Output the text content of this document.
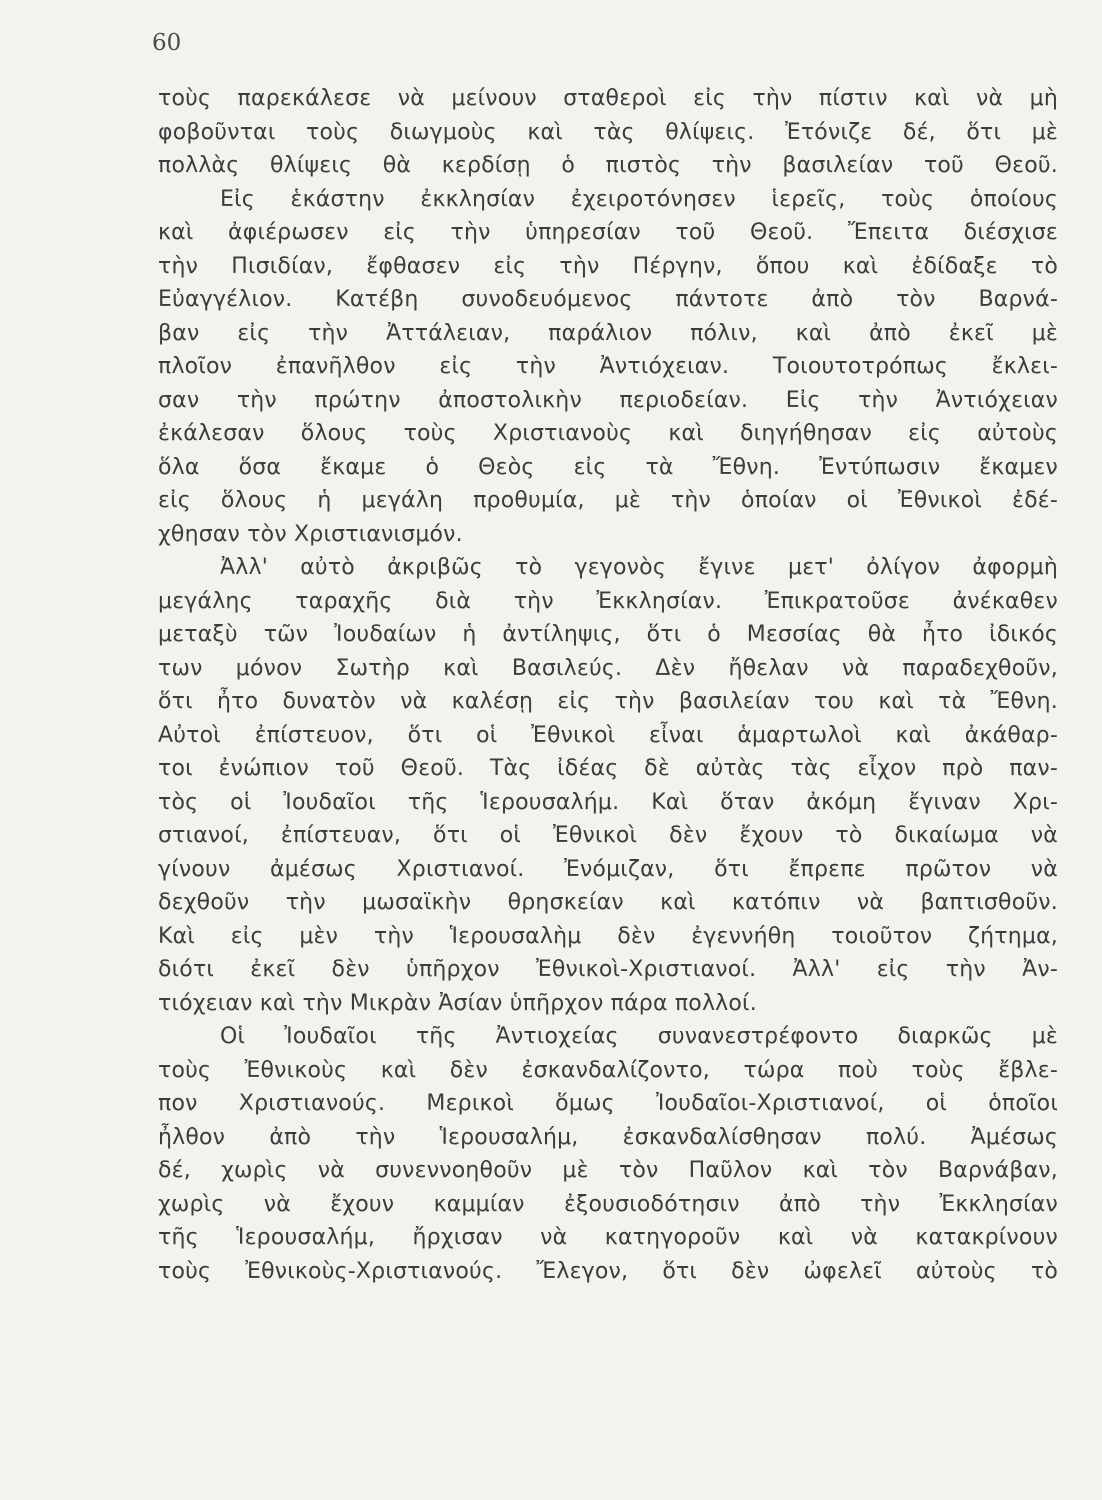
60
τοὺς παρεκάλεσε νὰ μείνουν σταθεροὶ εἰς τὴν πίστιν καὶ νὰ μὴ
φοβοῦνται τοὺς διωγμοὺς καὶ τὰς θλίψεις. Ἐτόνιζε δέ, ὅτι μὲ
πολλὰς θλίψεις θὰ κερδίσῃ ὁ πιστὸς τὴν βασιλείαν τοῦ Θεοῦ.
Εἰς ἑκάστην ἐκκλησίαν ἐχειροτόνησεν ἱερεῖς, τοὺς ὁποίους
καὶ ἀφιέρωσεν εἰς τὴν ὑπηρεσίαν τοῦ Θεοῦ. Ἔπειτα διέσχισε
τὴν Πισιδίαν, ἔφθασεν εἰς τὴν Πέργην, ὅπου καὶ ἐδίδαξε τὸ
Εὐαγγέλιον. Κατέβη συνοδευόμενος πάντοτε ἀπὸ τὸν Βαρνά-
βαν εἰς τὴν Ἀττάλειαν, παράλιον πόλιν, καὶ ἀπὸ ἐκεῖ μὲ
πλοῖον ἐπανῆλθον εἰς τὴν Ἀντιόχειαν. Τοιουτοτρόπως ἔκλει-
σαν τὴν πρώτην ἀποστολικὴν περιοδείαν. Εἰς τὴν Ἀντιόχειαν
ἐκάλεσαν ὅλους τοὺς Χριστιανοὺς καὶ διηγήθησαν εἰς αὐτοὺς
ὅλα ὅσα ἔκαμε ὁ Θεὸς εἰς τὰ Ἔθνη. Ἐντύπωσιν ἔκαμεν
εἰς ὅλους ἡ μεγάλη προθυμία, μὲ τὴν ὁποίαν οἱ Ἐθνικοὶ ἐδέ-
χθησαν τὸν Χριστιανισμόν.
Ἀλλ' αὐτὸ ἀκριβῶς τὸ γεγονὸς ἔγινε μετ' ὀλίγον ἀφορμὴ
μεγάλης ταραχῆς διὰ τὴν Ἐκκλησίαν. Ἐπικρατοῦσε ἀνέκαθεν
μεταξὺ τῶν Ἰουδαίων ἡ ἀντίληψις, ὅτι ὁ Μεσσίας θὰ ἦτο ἰδικός
των μόνον Σωτὴρ καὶ Βασιλεύς. Δὲν ἤθελαν νὰ παραδεχθοῦν,
ὅτι ἦτο δυνατὸν νὰ καλέσῃ εἰς τὴν βασιλείαν του καὶ τὰ Ἔθνη.
Αὐτοὶ ἐπίστευον, ὅτι οἱ Ἐθνικοὶ εἶναι ἁμαρτωλοὶ καὶ ἀκάθαρ-
τοι ἐνώπιον τοῦ Θεοῦ. Τὰς ἰδέας δὲ αὐτὰς τὰς εἶχον πρὸ παν-
τὸς οἱ Ἰουδαῖοι τῆς Ἱερουσαλήμ. Καὶ ὅταν ἀκόμη ἔγιναν Χρι-
στιανοί, ἐπίστευαν, ὅτι οἱ Ἐθνικοὶ δὲν ἔχουν τὸ δικαίωμα νὰ
γίνουν ἀμέσως Χριστιανοί. Ἐνόμιζαν, ὅτι ἔπρεπε πρῶτον νὰ
δεχθοῦν τὴν μωσαϊκὴν θρησκείαν καὶ κατόπιν νὰ βαπτισθοῦν.
Καὶ εἰς μὲν τὴν Ἱερουσαλὴμ δὲν ἐγεννήθη τοιοῦτον ζήτημα,
διότι ἐκεῖ δὲν ὑπῆρχον Ἐθνικοὶ-Χριστιανοί. Ἀλλ' εἰς τὴν Ἀν-
τιόχειαν καὶ τὴν Μικρὰν Ἀσίαν ὑπῆρχον πάρα πολλοί.
Οἱ Ἰουδαῖοι τῆς Ἀντιοχείας συνανεστρέφοντο διαρκῶς μὲ
τοὺς Ἐθνικοὺς καὶ δὲν ἐσκανδαλίζοντο, τώρα ποὺ τοὺς ἔβλε-
πον Χριστιανούς. Μερικοὶ ὅμως Ἰουδαῖοι-Χριστιανοί, οἱ ὁποῖοι
ἦλθον ἀπὸ τὴν Ἱερουσαλήμ, ἐσκανδαλίσθησαν πολύ. Ἀμέσως
δέ, χωρὶς νὰ συνεννοηθοῦν μὲ τὸν Παῦλον καὶ τὸν Βαρνάβαν,
χωρὶς νὰ ἔχουν καμμίαν ἐξουσιοδότησιν ἀπὸ τὴν Ἐκκλησίαν
τῆς Ἱερουσαλήμ, ἤρχισαν νὰ κατηγοροῦν καὶ νὰ κατακρίνουν
τοὺς Ἐθνικοὺς-Χριστιανούς. Ἔλεγον, ὅτι δὲν ὠφελεῖ αὐτοὺς τὸ
